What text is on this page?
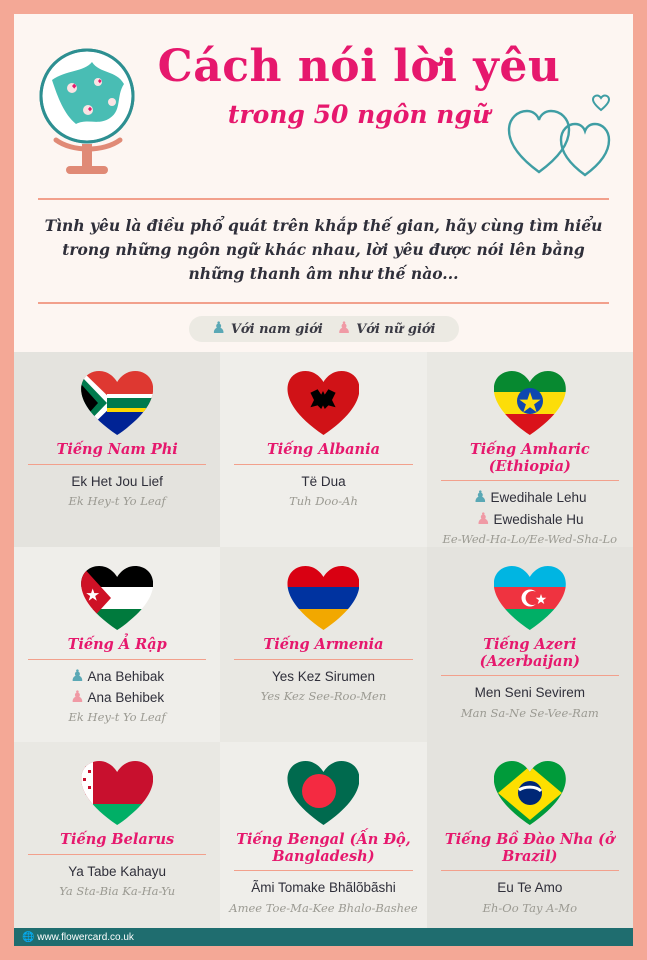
Cách nói lời yêu
trong 50 ngôn ngữ
Tình yêu là điều phổ quát trên khắp thế gian, hãy cùng tìm hiểu trong những ngôn ngữ khác nhau, lời yêu được nói lên bằng những thanh âm như thế nào...
♟︎ Với nam giới ♟︎ Với nữ giới
Tiếng Nam Phi
Ek Het Jou Lief
Ek Hey-t Yo Leaf
Tiếng Albania
Të Dua
Tuh Doo-Ah
Tiếng Amharic (Ethiopia)
♟︎ Ewedihale Lehu
♟︎ Ewedishale Hu
Ee-Wed-Ha-Lo/Ee-Wed-Sha-Lo
Tiếng Ả Rập
♟︎ Ana Behibak
♟︎ Ana Behibek
Ek Hey-t Yo Leaf
Tiếng Armenia
Yes Kez Sirumen
Yes Kez See-Roo-Men
Tiếng Azeri (Azerbaijan)
Men Seni Sevirem
Man Sa-Ne Se-Vee-Ram
Tiếng Belarus
Ya Tabe Kahayu
Ya Sta-Bia Ka-Ha-Yu
Tiếng Bengal (Ấn Độ, Bangladesh)
Ãmi Tomake Bhãlõbãshi
Amee Toe-Ma-Kee Bhalo-Bashee
Tiếng Bồ Đào Nha (ở Brazil)
Eu Te Amo
Eh-Oo Tay A-Mo
🌐 www.flowercard.co.uk
